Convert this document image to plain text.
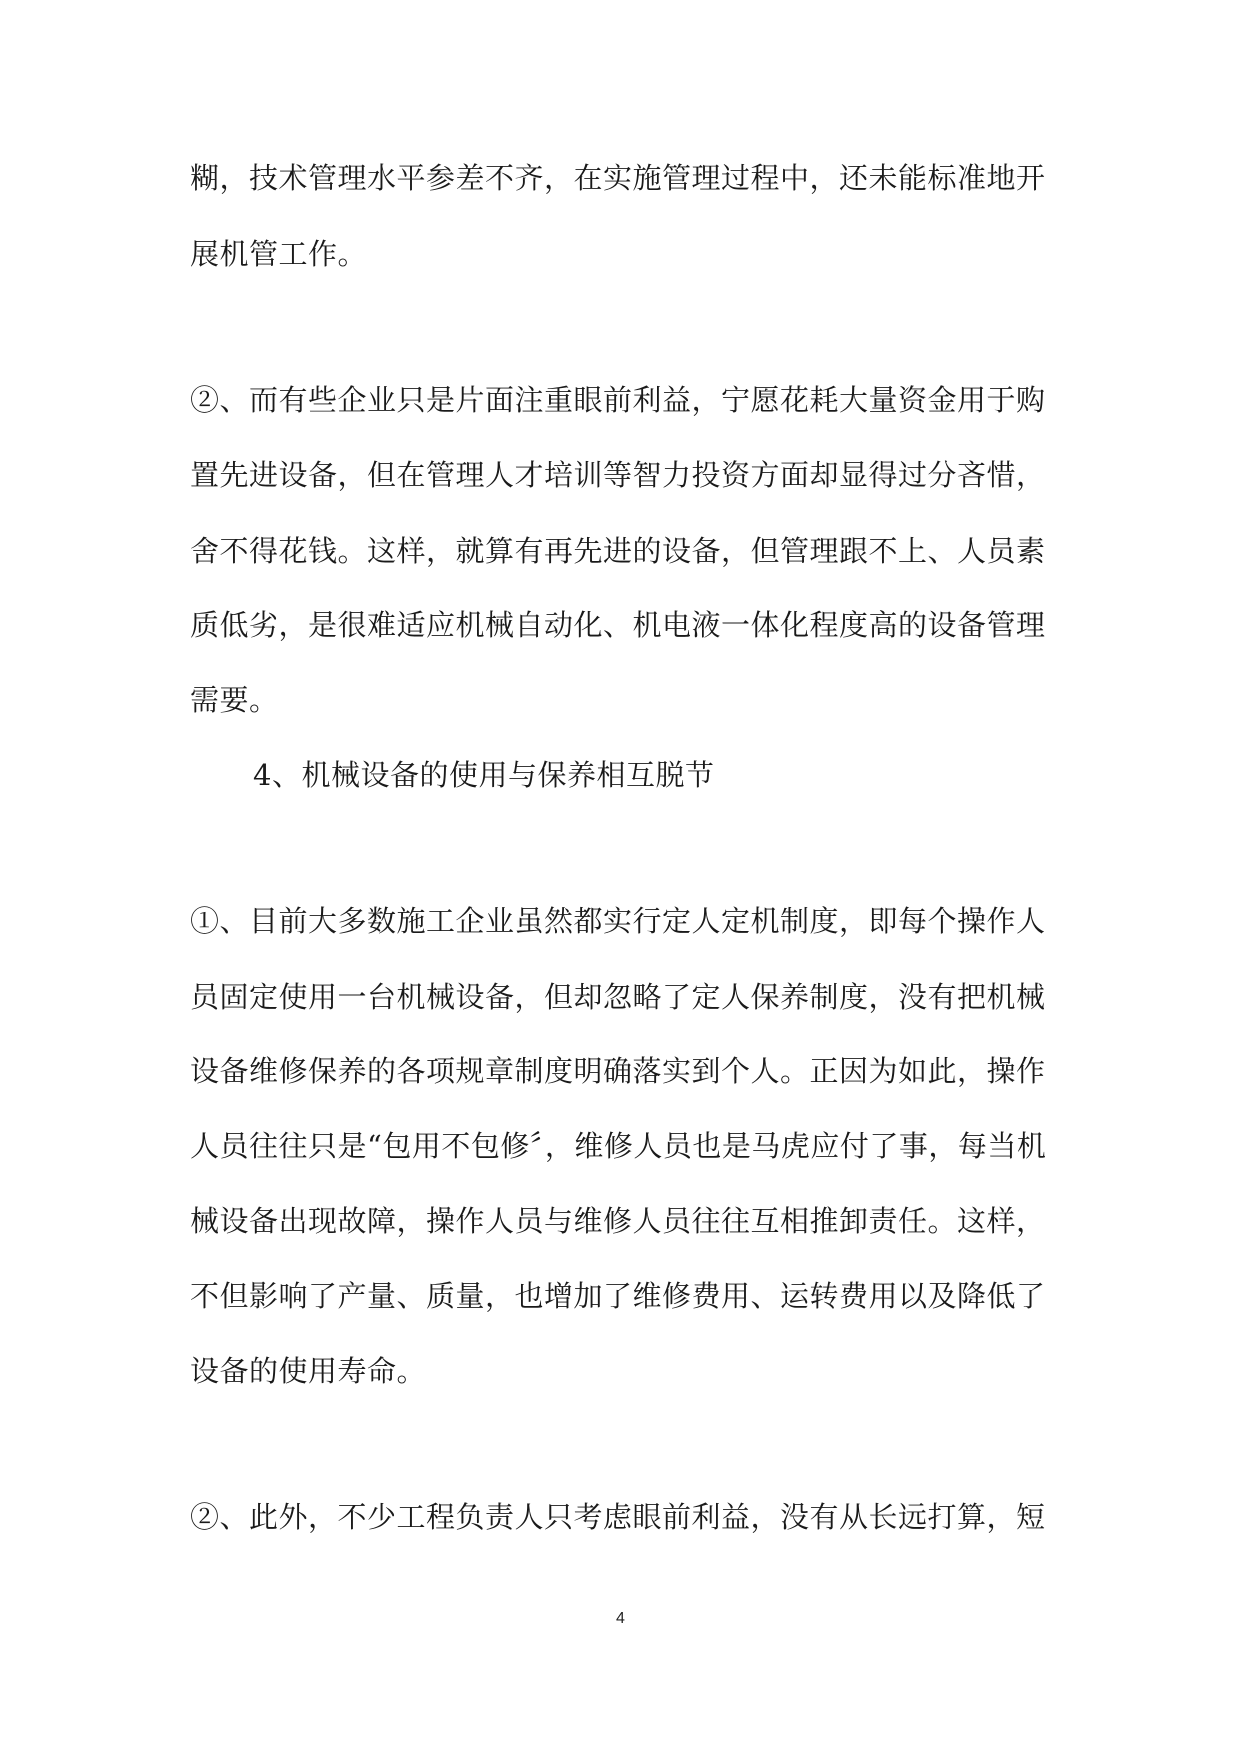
糊，技术管理水平参差不齐，在实施管理过程中，还未能标准地开
展机管工作。
②、而有些企业只是片面注重眼前利益，宁愿花耗大量资金用于购
置先进设备，但在管理人才培训等智力投资方面却显得过分吝惜，
舍不得花钱。这样，就算有再先进的设备，但管理跟不上、人员素
质低劣，是很难适应机械自动化、机电液一体化程度高的设备管理
需要。
4、机械设备的使用与保养相互脱节
①、目前大多数施工企业虽然都实行定人定机制度，即每个操作人
员固定使用一台机械设备，但却忽略了定人保养制度，没有把机械
设备维修保养的各项规章制度明确落实到个人。正因为如此，操作
人员往往只是“包用不包修〞，维修人员也是马虎应付了事，每当机
械设备出现故障，操作人员与维修人员往往互相推卸责任。这样，
不但影响了产量、质量，也增加了维修费用、运转费用以及降低了
设备的使用寿命。
②、此外，不少工程负责人只考虑眼前利益，没有从长远打算，短
4
